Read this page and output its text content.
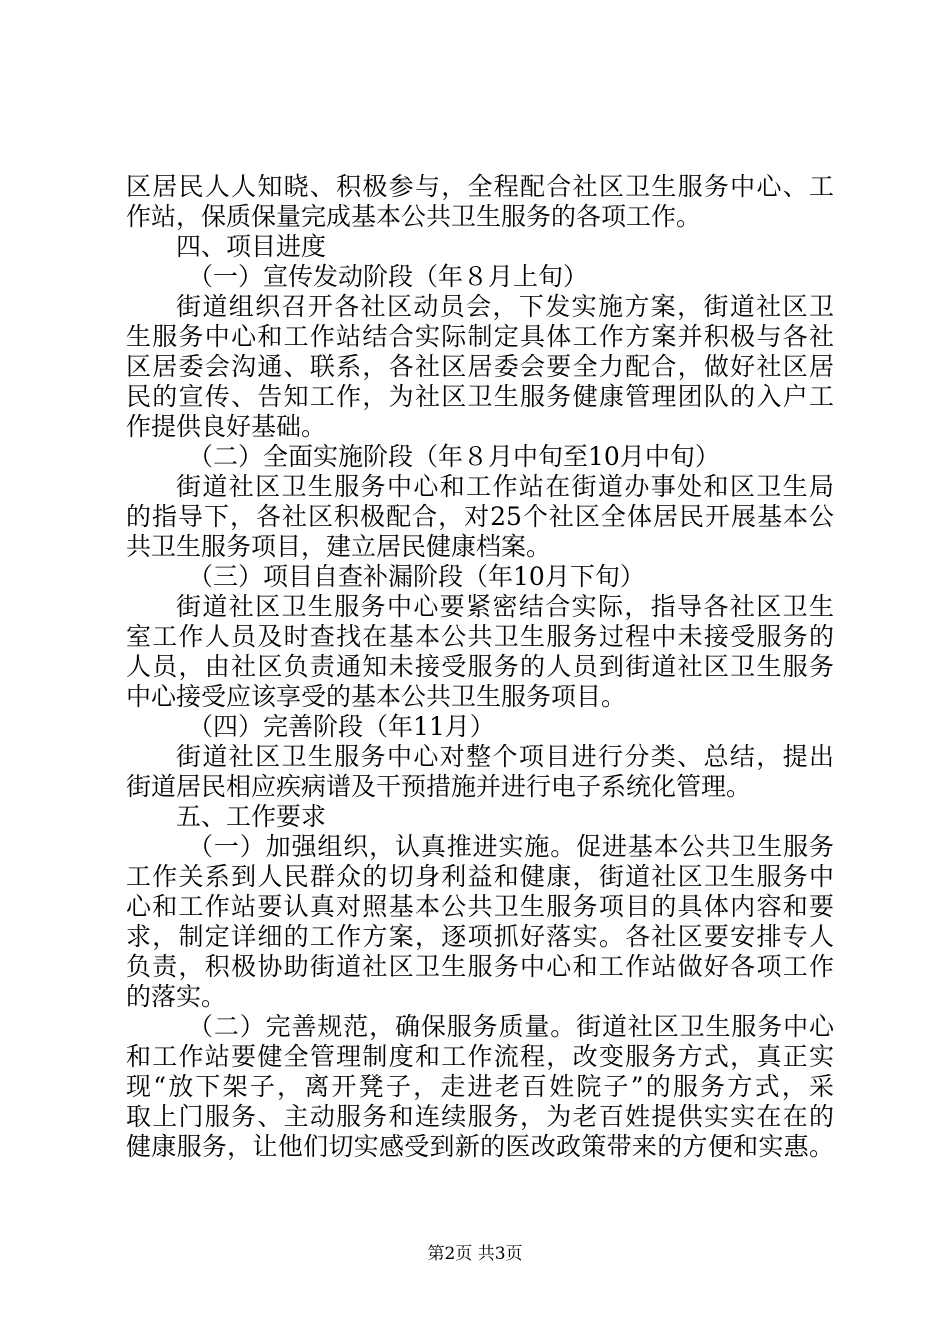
区居民人人知晓、积极参与，全程配合社区卫生服务中心、工
作站，保质保量完成基本公共卫生服务的各项工作。
四、项目进度
（一）宣传发动阶段（年８月上旬）
街道组织召开各社区动员会，下发实施方案，街道社区卫
生服务中心和工作站结合实际制定具体工作方案并积极与各社
区居委会沟通、联系，各社区居委会要全力配合，做好社区居
民的宣传、告知工作，为社区卫生服务健康管理团队的入户工
作提供良好基础。
（二）全面实施阶段（年８月中旬至10月中旬）
街道社区卫生服务中心和工作站在街道办事处和区卫生局
的指导下，各社区积极配合，对25个社区全体居民开展基本公
共卫生服务项目，建立居民健康档案。
（三）项目自查补漏阶段（年10月下旬）
街道社区卫生服务中心要紧密结合实际，指导各社区卫生
室工作人员及时查找在基本公共卫生服务过程中未接受服务的
人员，由社区负责通知未接受服务的人员到街道社区卫生服务
中心接受应该享受的基本公共卫生服务项目。
（四）完善阶段（年11月）
街道社区卫生服务中心对整个项目进行分类、总结，提出
街道居民相应疾病谱及干预措施并进行电子系统化管理。
五、工作要求
（一）加强组织，认真推进实施。促进基本公共卫生服务
工作关系到人民群众的切身利益和健康，街道社区卫生服务中
心和工作站要认真对照基本公共卫生服务项目的具体内容和要
求，制定详细的工作方案，逐项抓好落实。各社区要安排专人
负责，积极协助街道社区卫生服务中心和工作站做好各项工作
的落实。
（二）完善规范，确保服务质量。街道社区卫生服务中心
和工作站要健全管理制度和工作流程，改变服务方式，真正实
现“放下架子，离开凳子，走进老百姓院子”的服务方式，采
取上门服务、主动服务和连续服务，为老百姓提供实实在在的
健康服务，让他们切实感受到新的医改政策带来的方便和实惠。
第2页 共3页
